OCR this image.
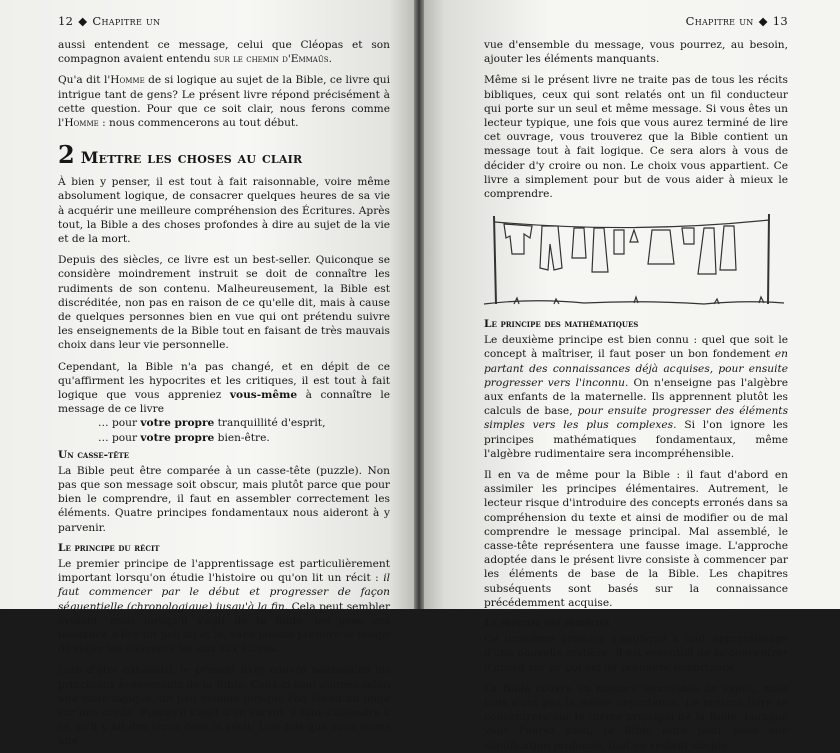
12 ◆ Chapitre un

aussi entendent ce message, celui que Cléopas et son compagnon avaient entendu sur le chemin d'Emmaüs.

Qu'a dit l'Homme de si logique au sujet de la Bible, ce livre qui intrigue tant de gens? Le présent livre répond précisément à cette question. Pour que ce soit clair, nous ferons comme l'Homme : nous commencerons au tout début.

2 Mettre les choses au clair

À bien y penser, il est tout à fait raisonnable, voire même absolument logique, de consacrer quelques heures de sa vie à acquérir une meilleure compréhension des Écritures. Après tout, la Bible a des choses profondes à dire au sujet de la vie et de la mort.

Depuis des siècles, ce livre est un best-seller. Quiconque se considère moindrement instruit se doit de connaître les rudiments de son contenu. Malheureusement, la Bible est discréditée, non pas en raison de ce qu'elle dit, mais à cause de quelques personnes bien en vue qui ont prétendu suivre les enseignements de la Bible tout en faisant de très mauvais choix dans leur vie personnelle.

Cependant, la Bible n'a pas changé, et en dépit de ce qu'affirment les hypocrites et les critiques, il est tout à fait logique que vous appreniez vous-même à connaître le message de ce livre

… pour votre propre tranquillité d'esprit,
… pour votre propre bien-être.
Un casse-tête

La Bible peut être comparée à un casse-tête (puzzle). Non pas que son message soit obscur, mais plutôt parce que pour bien le comprendre, il faut en assembler correctement les éléments. Quatre principes fondamentaux nous aideront à y parvenir.

Le principe du récit

Le premier principe de l'apprentissage est particulièrement important lorsqu'on étudie l'histoire ou qu'on lit un récit : il faut commencer par le début et progresser de façon séquentielle (chronologique) jusqu'à la fin. Cela peut sembler évident, mais lorsqu'il s'agit de la Bible, les gens ont tendance à lire un peu ici et là, sans jamais prendre le temps de relier les éléments les uns aux autres.

Loin d'être exhaustif, le présent livre couvre néanmoins les principaux événements de la Bible. Ceux-ci sont alignés selon une suite logique, un peu comme lorsque l'on étend du linge sur une corde. Puisqu'il s'agit d'un survol, il faut s'attendre à ce qu'il y ait des trous dans le récit. Une fois que vous aurez une

Chapitre un ◆ 13

vue d'ensemble du message, vous pourrez, au besoin, ajouter les éléments manquants.

Même si le présent livre ne traite pas de tous les récits bibliques, ceux qui sont relatés ont un fil conducteur qui porte sur un seul et même message. Si vous êtes un lecteur typique, une fois que vous aurez terminé de lire cet ouvrage, vous trouverez que la Bible contient un message tout à fait logique. Ce sera alors à vous de décider d'y croire ou non. Le choix vous appartient. Ce livre a simplement pour but de vous aider à mieux le comprendre.

Le principe des mathématiques

Le deuxième principe est bien connu : quel que soit le concept à maîtriser, il faut poser un bon fondement en partant des connaissances déjà acquises, pour ensuite progresser vers l'inconnu. On n'enseigne pas l'algèbre aux enfants de la maternelle. Ils apprennent plutôt les calculs de base, pour ensuite progresser des éléments simples vers les plus complexes. Si l'on ignore les principes mathématiques fondamentaux, même l'algèbre rudimentaire sera incompréhensible.

Il en va de même pour la Bible : il faut d'abord en assimiler les principes élémentaires. Autrement, le lecteur risque d'introduire des concepts erronés dans sa compréhension du texte et ainsi de modifier ou de mal comprendre le message principal. Mal assemblé, le casse-tête représentera une fausse image. L'approche adoptée dans le présent livre consiste à commencer par les éléments de base de la Bible. Les chapitres subséquents sont basés sur la connaissance précédemment acquise.

Le principe des priorités

Ce troisième principe s'applique à tout apprentissage d'une nouvelle matière. Il est essentiel de se concentrer d'abord sur ce qui est de première importance.

La Bible couvre un nombre incroyable de sujets, mais tous n'ont pas la même importance. Le présent livre se concentrera sur le thème principal de la Bible. Lorsque vous l'aurez saisi, la Bible aura pour vous une signification profonde, tout en restant simple.
